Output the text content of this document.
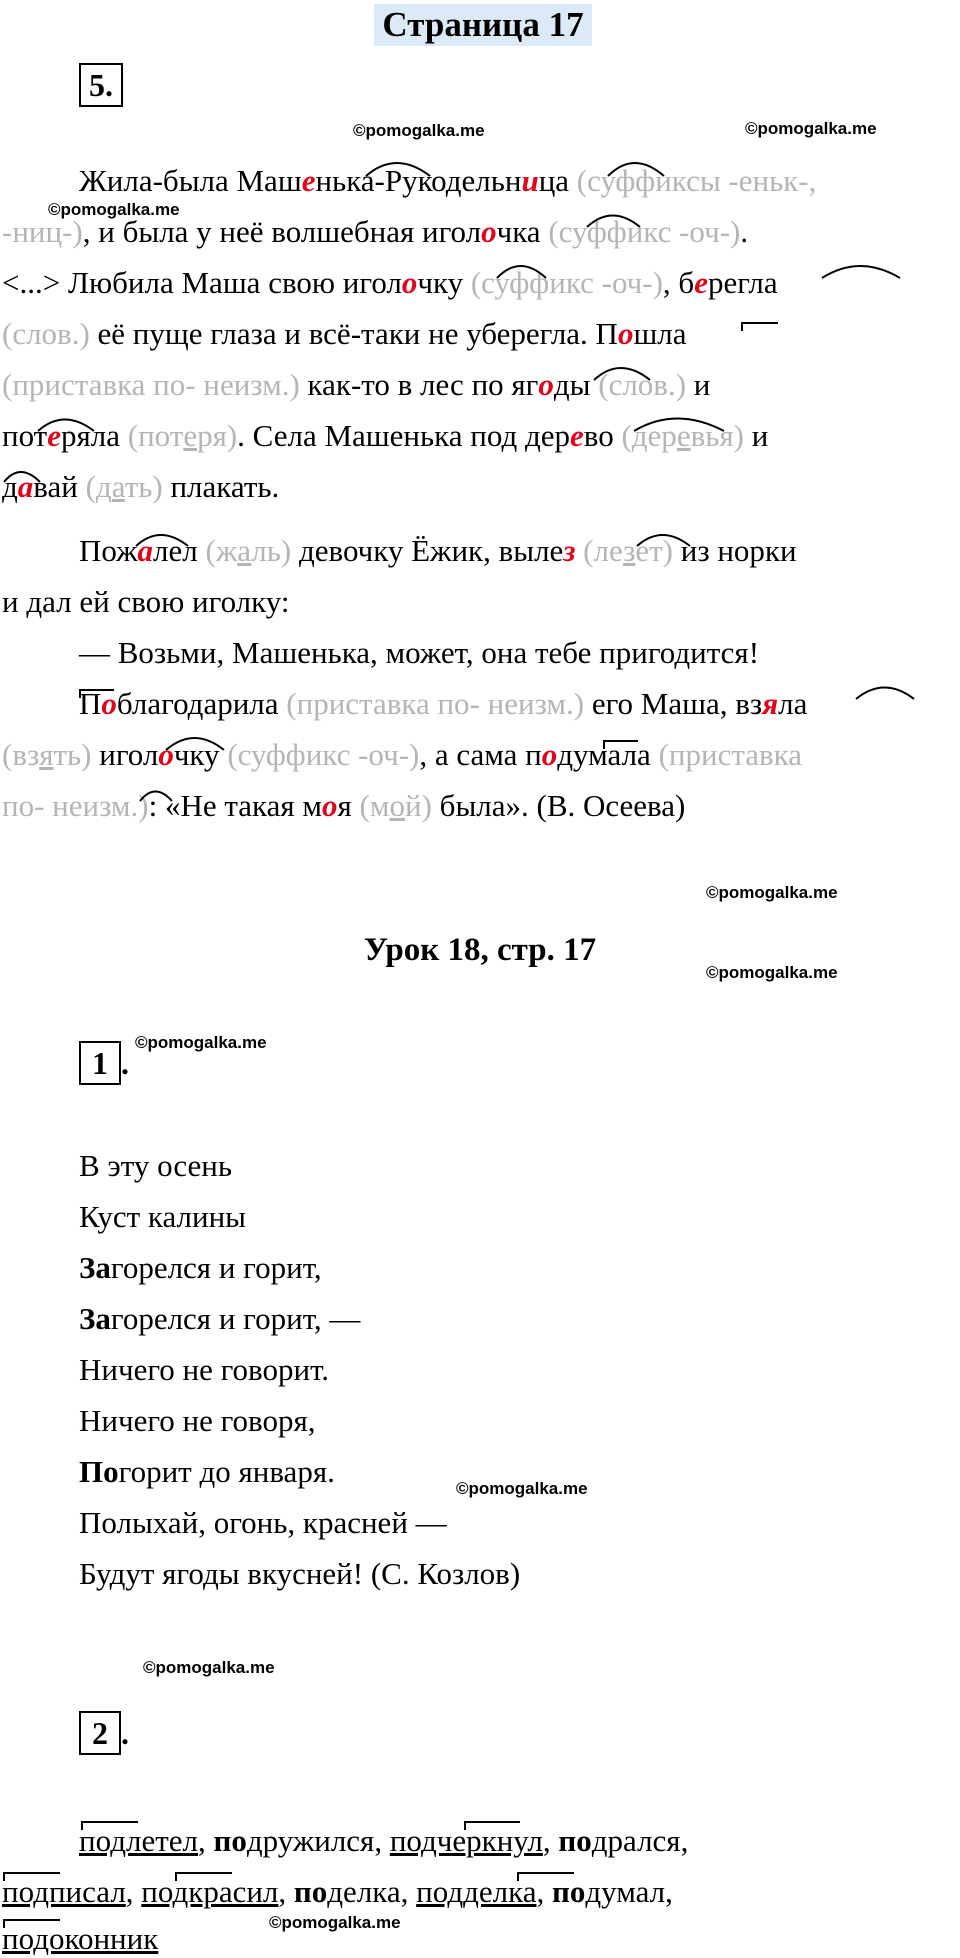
©pomogalka.me	©pomogalka.me
©pomogalka.me
©pomogalka.me
©pomogalka.me
©pomogalka.me
©pomogalka.me
©pomogalka.me
©pomogalka.me
Страница 17
5.
Жила-была Машенька-Рукодельница (суффиксы -еньк-,
-ниц-), и была у неё волшебная иголочка (суффикс -оч-).
<...> Любила Маша свою иголочку (суффикс -оч-), берегла
(слов.) её пуще глаза и всё-таки не уберегла. Пошла
(приставка по- неизм.) как-то в лес по ягоды (слов.) и
потеряла (потеря). Села Машенька под дерево (деревья) и
давай (дать) плакать.
Пожалел (жаль) девочку Ёжик, вылез (лезет) из норки
и дал ей свою иголку:
— Возьми, Машенька, может, она тебе пригодится!
Поблагодарила (приставка по- неизм.) его Маша, взяла
(взять) иголочку (суффикс -оч-), а сама подумала (приставка
по- неизм.): «Не такая моя (мой) была». (В. Осеева)
Урок 18, стр. 17
1 .
В эту осень
Куст калины
Загорелся и горит,
Загорелся и горит, —
Ничего не говорит.
Ничего не говоря,
Погорит до января.
Полыхай, огонь, красней —
Будут ягоды вкусней! (С. Козлов)
2 .
подлетел, подружился, подчеркнул, подрался,
подписал, подкрасил, поделка, подделка, подумал,
подоконник
